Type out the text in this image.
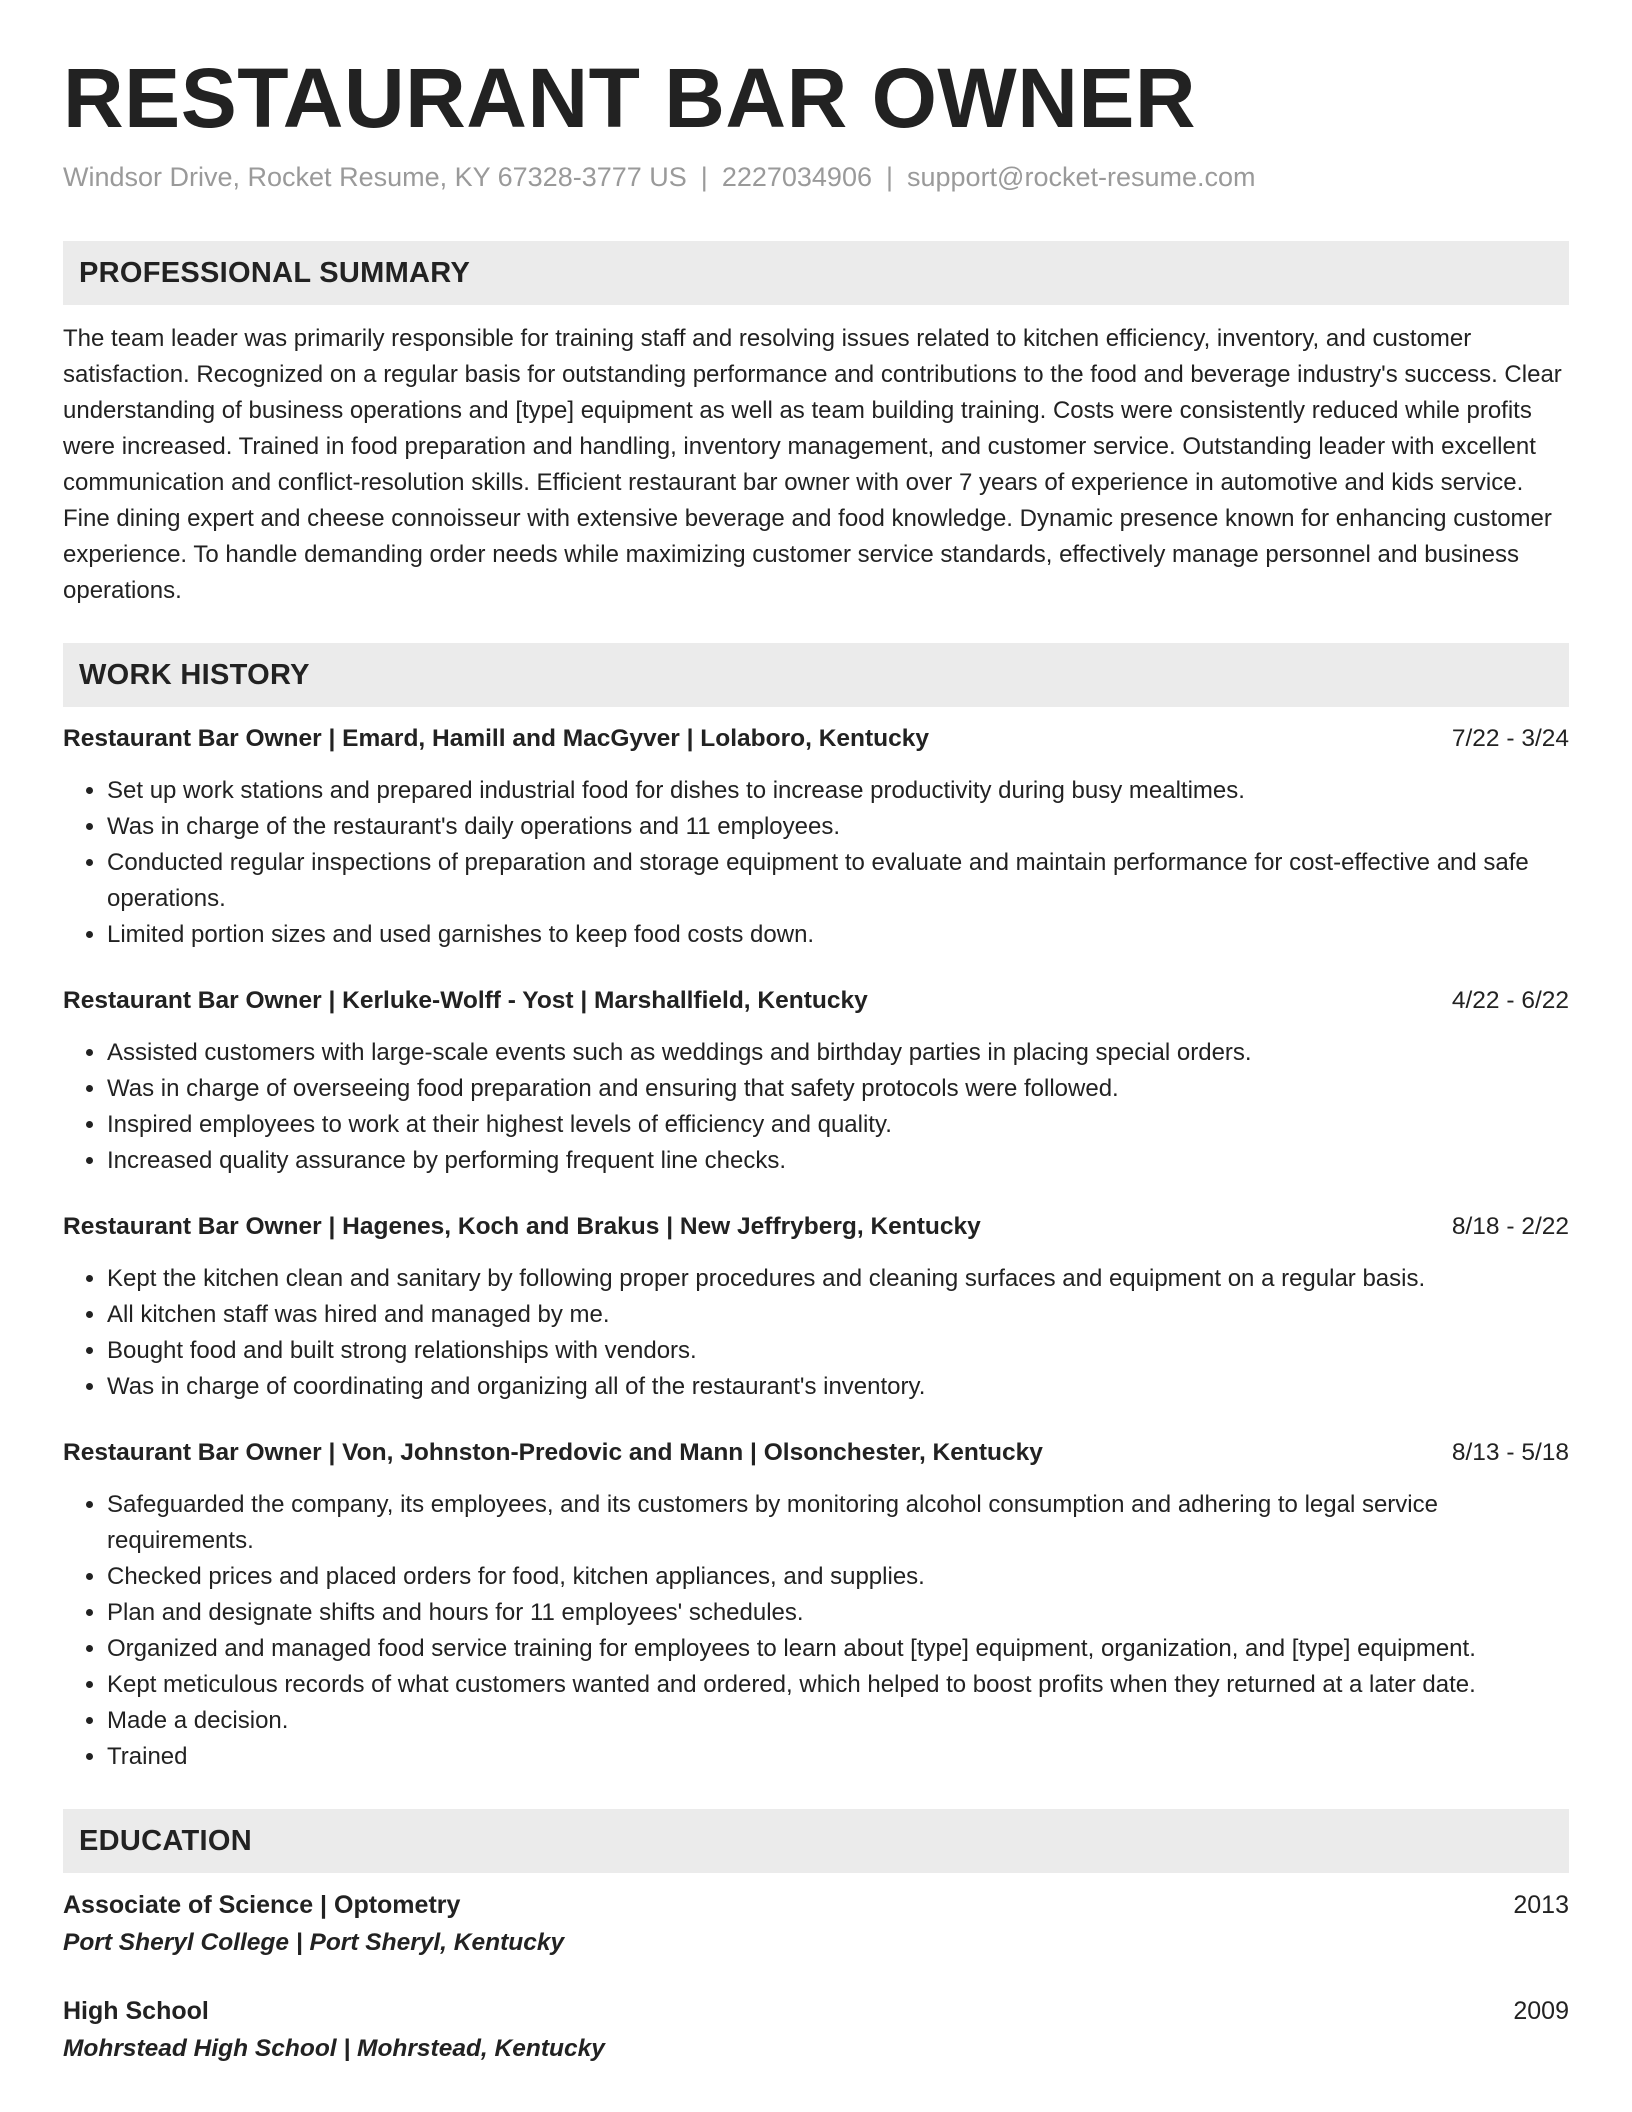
RESTAURANT BAR OWNER
Windsor Drive, Rocket Resume, KY 67328-3777 US | 2227034906 | support@rocket-resume.com
PROFESSIONAL SUMMARY
The team leader was primarily responsible for training staff and resolving issues related to kitchen efficiency, inventory, and customer satisfaction. Recognized on a regular basis for outstanding performance and contributions to the food and beverage industry's success. Clear understanding of business operations and [type] equipment as well as team building training. Costs were consistently reduced while profits were increased. Trained in food preparation and handling, inventory management, and customer service. Outstanding leader with excellent communication and conflict-resolution skills. Efficient restaurant bar owner with over 7 years of experience in automotive and kids service. Fine dining expert and cheese connoisseur with extensive beverage and food knowledge. Dynamic presence known for enhancing customer experience. To handle demanding order needs while maximizing customer service standards, effectively manage personnel and business operations.
WORK HISTORY
Restaurant Bar Owner | Emard, Hamill and MacGyver | Lolaboro, Kentucky	7/22 - 3/24
• Set up work stations and prepared industrial food for dishes to increase productivity during busy mealtimes.
• Was in charge of the restaurant's daily operations and 11 employees.
• Conducted regular inspections of preparation and storage equipment to evaluate and maintain performance for cost-effective and safe operations.
• Limited portion sizes and used garnishes to keep food costs down.
Restaurant Bar Owner | Kerluke-Wolff - Yost | Marshallfield, Kentucky	4/22 - 6/22
• Assisted customers with large-scale events such as weddings and birthday parties in placing special orders.
• Was in charge of overseeing food preparation and ensuring that safety protocols were followed.
• Inspired employees to work at their highest levels of efficiency and quality.
• Increased quality assurance by performing frequent line checks.
Restaurant Bar Owner | Hagenes, Koch and Brakus | New Jeffryberg, Kentucky	8/18 - 2/22
• Kept the kitchen clean and sanitary by following proper procedures and cleaning surfaces and equipment on a regular basis.
• All kitchen staff was hired and managed by me.
• Bought food and built strong relationships with vendors.
• Was in charge of coordinating and organizing all of the restaurant's inventory.
Restaurant Bar Owner | Von, Johnston-Predovic and Mann | Olsonchester, Kentucky	8/13 - 5/18
• Safeguarded the company, its employees, and its customers by monitoring alcohol consumption and adhering to legal service requirements.
• Checked prices and placed orders for food, kitchen appliances, and supplies.
• Plan and designate shifts and hours for 11 employees' schedules.
• Organized and managed food service training for employees to learn about [type] equipment, organization, and [type] equipment.
• Kept meticulous records of what customers wanted and ordered, which helped to boost profits when they returned at a later date.
• Made a decision.
• Trained
EDUCATION
Associate of Science | Optometry	2013
Port Sheryl College | Port Sheryl, Kentucky
High School	2009
Mohrstead High School | Mohrstead, Kentucky
